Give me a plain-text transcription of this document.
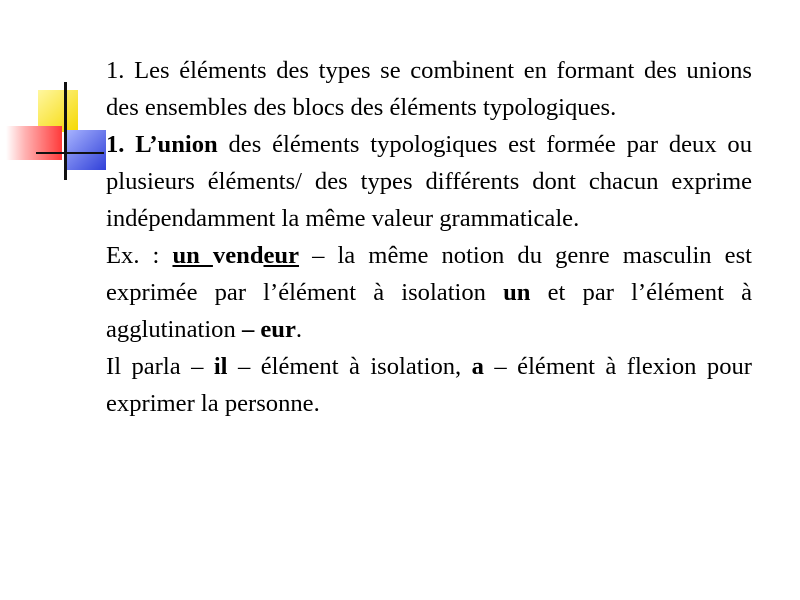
1. Les éléments des types se combinent en formant des unions des ensembles des blocs des éléments typologiques.

1. L’union des éléments typologiques est formée par deux ou plusieurs éléments/ des types différents dont chacun exprime indépendamment la même valeur grammaticale.

Ex. : un vendeur – la même notion du genre masculin est exprimée par l’élément à isolation un et par l’élément à agglutination – eur.

Il parla – il – élément à isolation, a – élément à flexion pour exprimer la personne.
